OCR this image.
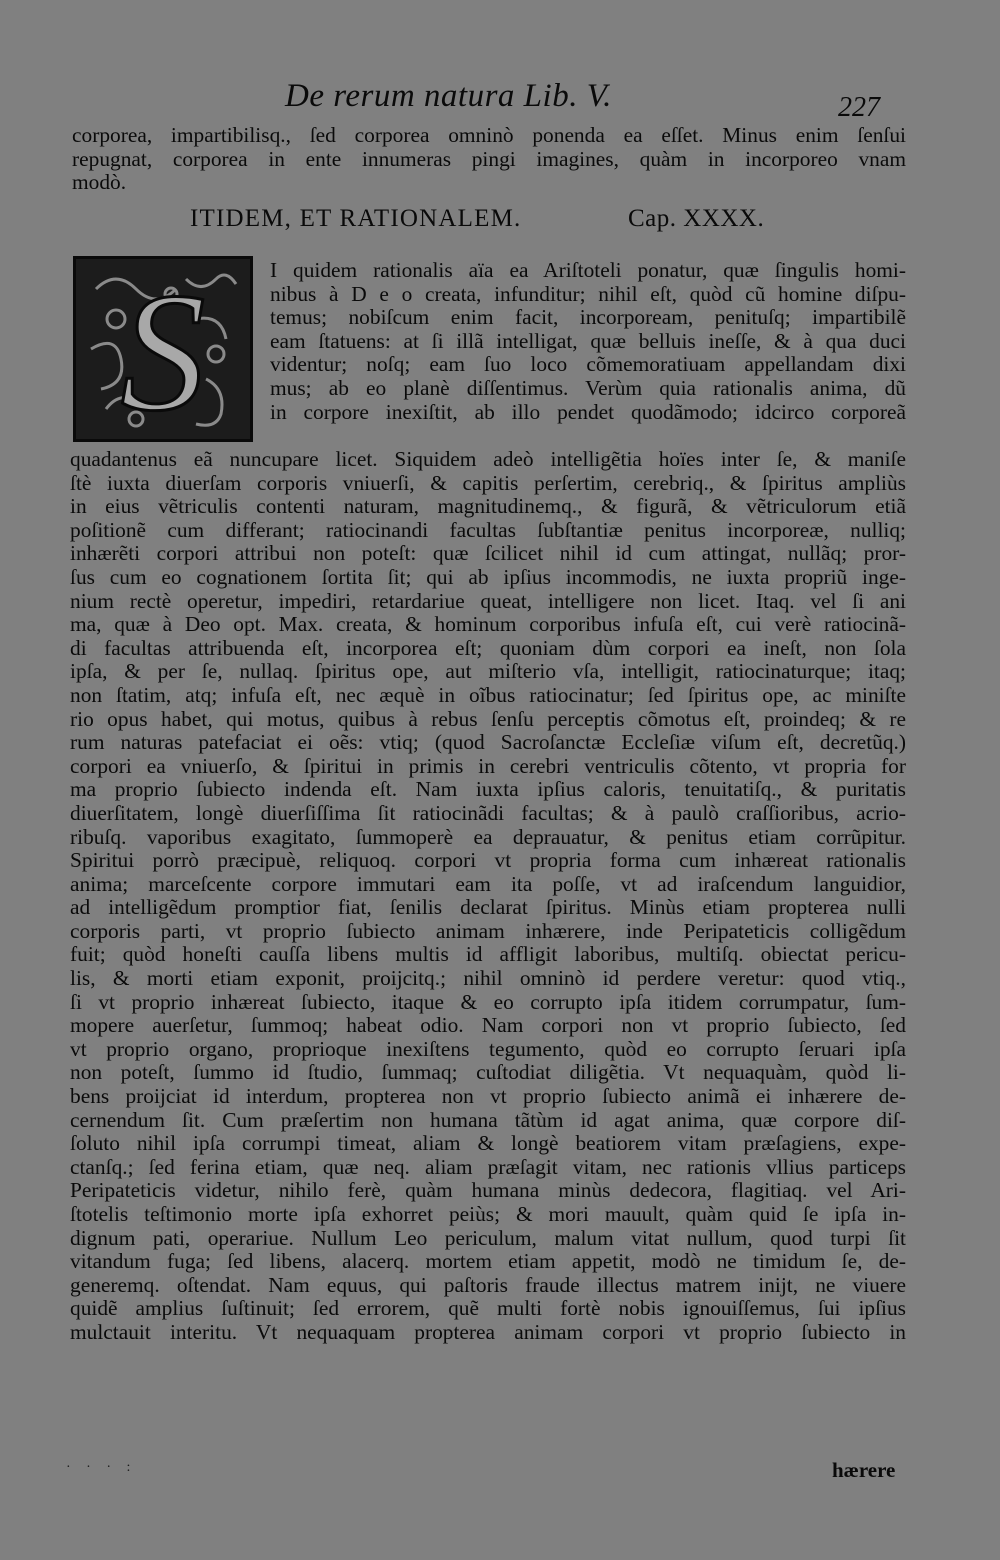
De rerum natura Lib. V.	227
corporea, impartibilisq., ſed corporea omninò ponenda ea eſſet. Minus enim ſenſui
repugnat, corporea in ente innumeras pingi imagines, quàm in incorporeo vnam
modò.
ITIDEM, ET RATIONALEM.	Cap. XXXX.
S	I quidem rationalis aïa ea Ariſtoteli ponatur, quæ ſingulis homi-
nibus à D e o creata, infunditur; nihil eſt, quòd cũ homine diſpu-
temus; nobiſcum enim facit, incorpoream, penituſq; impartibilẽ
eam ſtatuens: at ſi illã intelligat, quæ belluis ineſſe, & à qua duci
videntur; noſq; eam ſuo loco cõmemoratiuam appellandam dixi
mus; ab eo planè diſſentimus. Verùm quia rationalis anima, dũ
in corpore inexiſtit, ab illo pendet quodãmodo; idcirco corporeã
quadantenus eã nuncupare licet. Siquidem adeò intelligẽtia hoïes inter ſe, & maniſe
ſtè iuxta diuerſam corporis vniuerſi, & capitis perſertim, cerebriq., & ſpiritus ampliùs
in eius vẽtriculis contenti naturam, magnitudinemq., & figurã, & vẽtriculorum etiã
poſitionẽ cum differant; ratiocinandi facultas ſubſtantiæ penitus incorporeæ, nulliq;
inhærẽti corpori attribui non poteſt: quæ ſcilicet nihil id cum attingat, nullãq; pror-
ſus cum eo cognationem ſortita ſit; qui ab ipſius incommodis, ne iuxta propriũ inge-
nium rectè operetur, impediri, retardariue queat, intelligere non licet. Itaq. vel ſi ani
ma, quæ à Deo opt. Max. creata, & hominum corporibus infuſa eſt, cui verè ratiocinã-
di facultas attribuenda eſt, incorporea eſt; quoniam dùm corpori ea ineſt, non ſola
ipſa, & per ſe, nullaq. ſpiritus ope, aut miſterio vſa, intelligit, ratiocinaturque; itaq;
non ſtatim, atq; infuſa eſt, nec æquè in oĩbus ratiocinatur; ſed ſpiritus ope, ac miniſte
rio opus habet, qui motus, quibus à rebus ſenſu perceptis cõmotus eſt, proindeq; & re
rum naturas patefaciat ei oẽs: vtiq; (quod Sacroſanctæ Eccleſiæ viſum eſt, decretũq.)
corpori ea vniuerſo, & ſpiritui in primis in cerebri ventriculis cõtento, vt propria for
ma proprio ſubiecto indenda eſt. Nam iuxta ipſius caloris, tenuitatiſq., & puritatis
diuerſitatem, longè diuerſiſſima ſit ratiocinãdi facultas; & à paulò craſſioribus, acrio-
ribuſq. vaporibus exagitato, ſummoperè ea deprauatur, & penitus etiam corrũpitur.
Spiritui porrò præcipuè, reliquoq. corpori vt propria forma cum inhæreat rationalis
anima; marceſcente corpore immutari eam ita poſſe, vt ad iraſcendum languidior,
ad intelligẽdum promptior fiat, ſenilis declarat ſpiritus. Minùs etiam propterea nulli
corporis parti, vt proprio ſubiecto animam inhærere, inde Peripateticis colligẽdum
fuit; quòd honeſti cauſſa libens multis id affligit laboribus, multiſq. obiectat pericu-
lis, & morti etiam exponit, proijcitq.; nihil omninò id perdere veretur: quod vtiq.,
ſi vt proprio inhæreat ſubiecto, itaque & eo corrupto ipſa itidem corrumpatur, ſum-
mopere auerſetur, ſummoq; habeat odio. Nam corpori non vt proprio ſubiecto, ſed
vt proprio organo, proprioque inexiſtens tegumento, quòd eo corrupto ſeruari ipſa
non poteſt, ſummo id ſtudio, ſummaq; cuſtodiat diligẽtia. Vt nequaquàm, quòd li-
bens proijciat id interdum, propterea non vt proprio ſubiecto animã ei inhærere de-
cernendum ſit. Cum præſertim non humana tãtùm id agat anima, quæ corpore diſ-
ſoluto nihil ipſa corrumpi timeat, aliam & longè beatiorem vitam præſagiens, expe-
ctanſq.; ſed ferina etiam, quæ neq. aliam præſagit vitam, nec rationis vllius particeps
Peripateticis videtur, nihilo ferè, quàm humana minùs dedecora, flagitiaq. vel Ari-
ſtotelis teſtimonio morte ipſa exhorret peiùs; & mori mauult, quàm quid ſe ipſa in-
dignum pati, operariue. Nullum Leo periculum, malum vitat nullum, quod turpi ſit
vitandum fuga; ſed libens, alacerq. mortem etiam appetit, modò ne timidum ſe, de-
generemq. oſtendat. Nam equus, qui paſtoris fraude illectus matrem inijt, ne viuere
quidẽ amplius ſuſtinuit; ſed errorem, quẽ multi fortè nobis ignouiſſemus, ſui ipſius
mulctauit interitu. Vt nequaquam propterea animam corpori vt proprio ſubiecto in
· · · :	hærere
